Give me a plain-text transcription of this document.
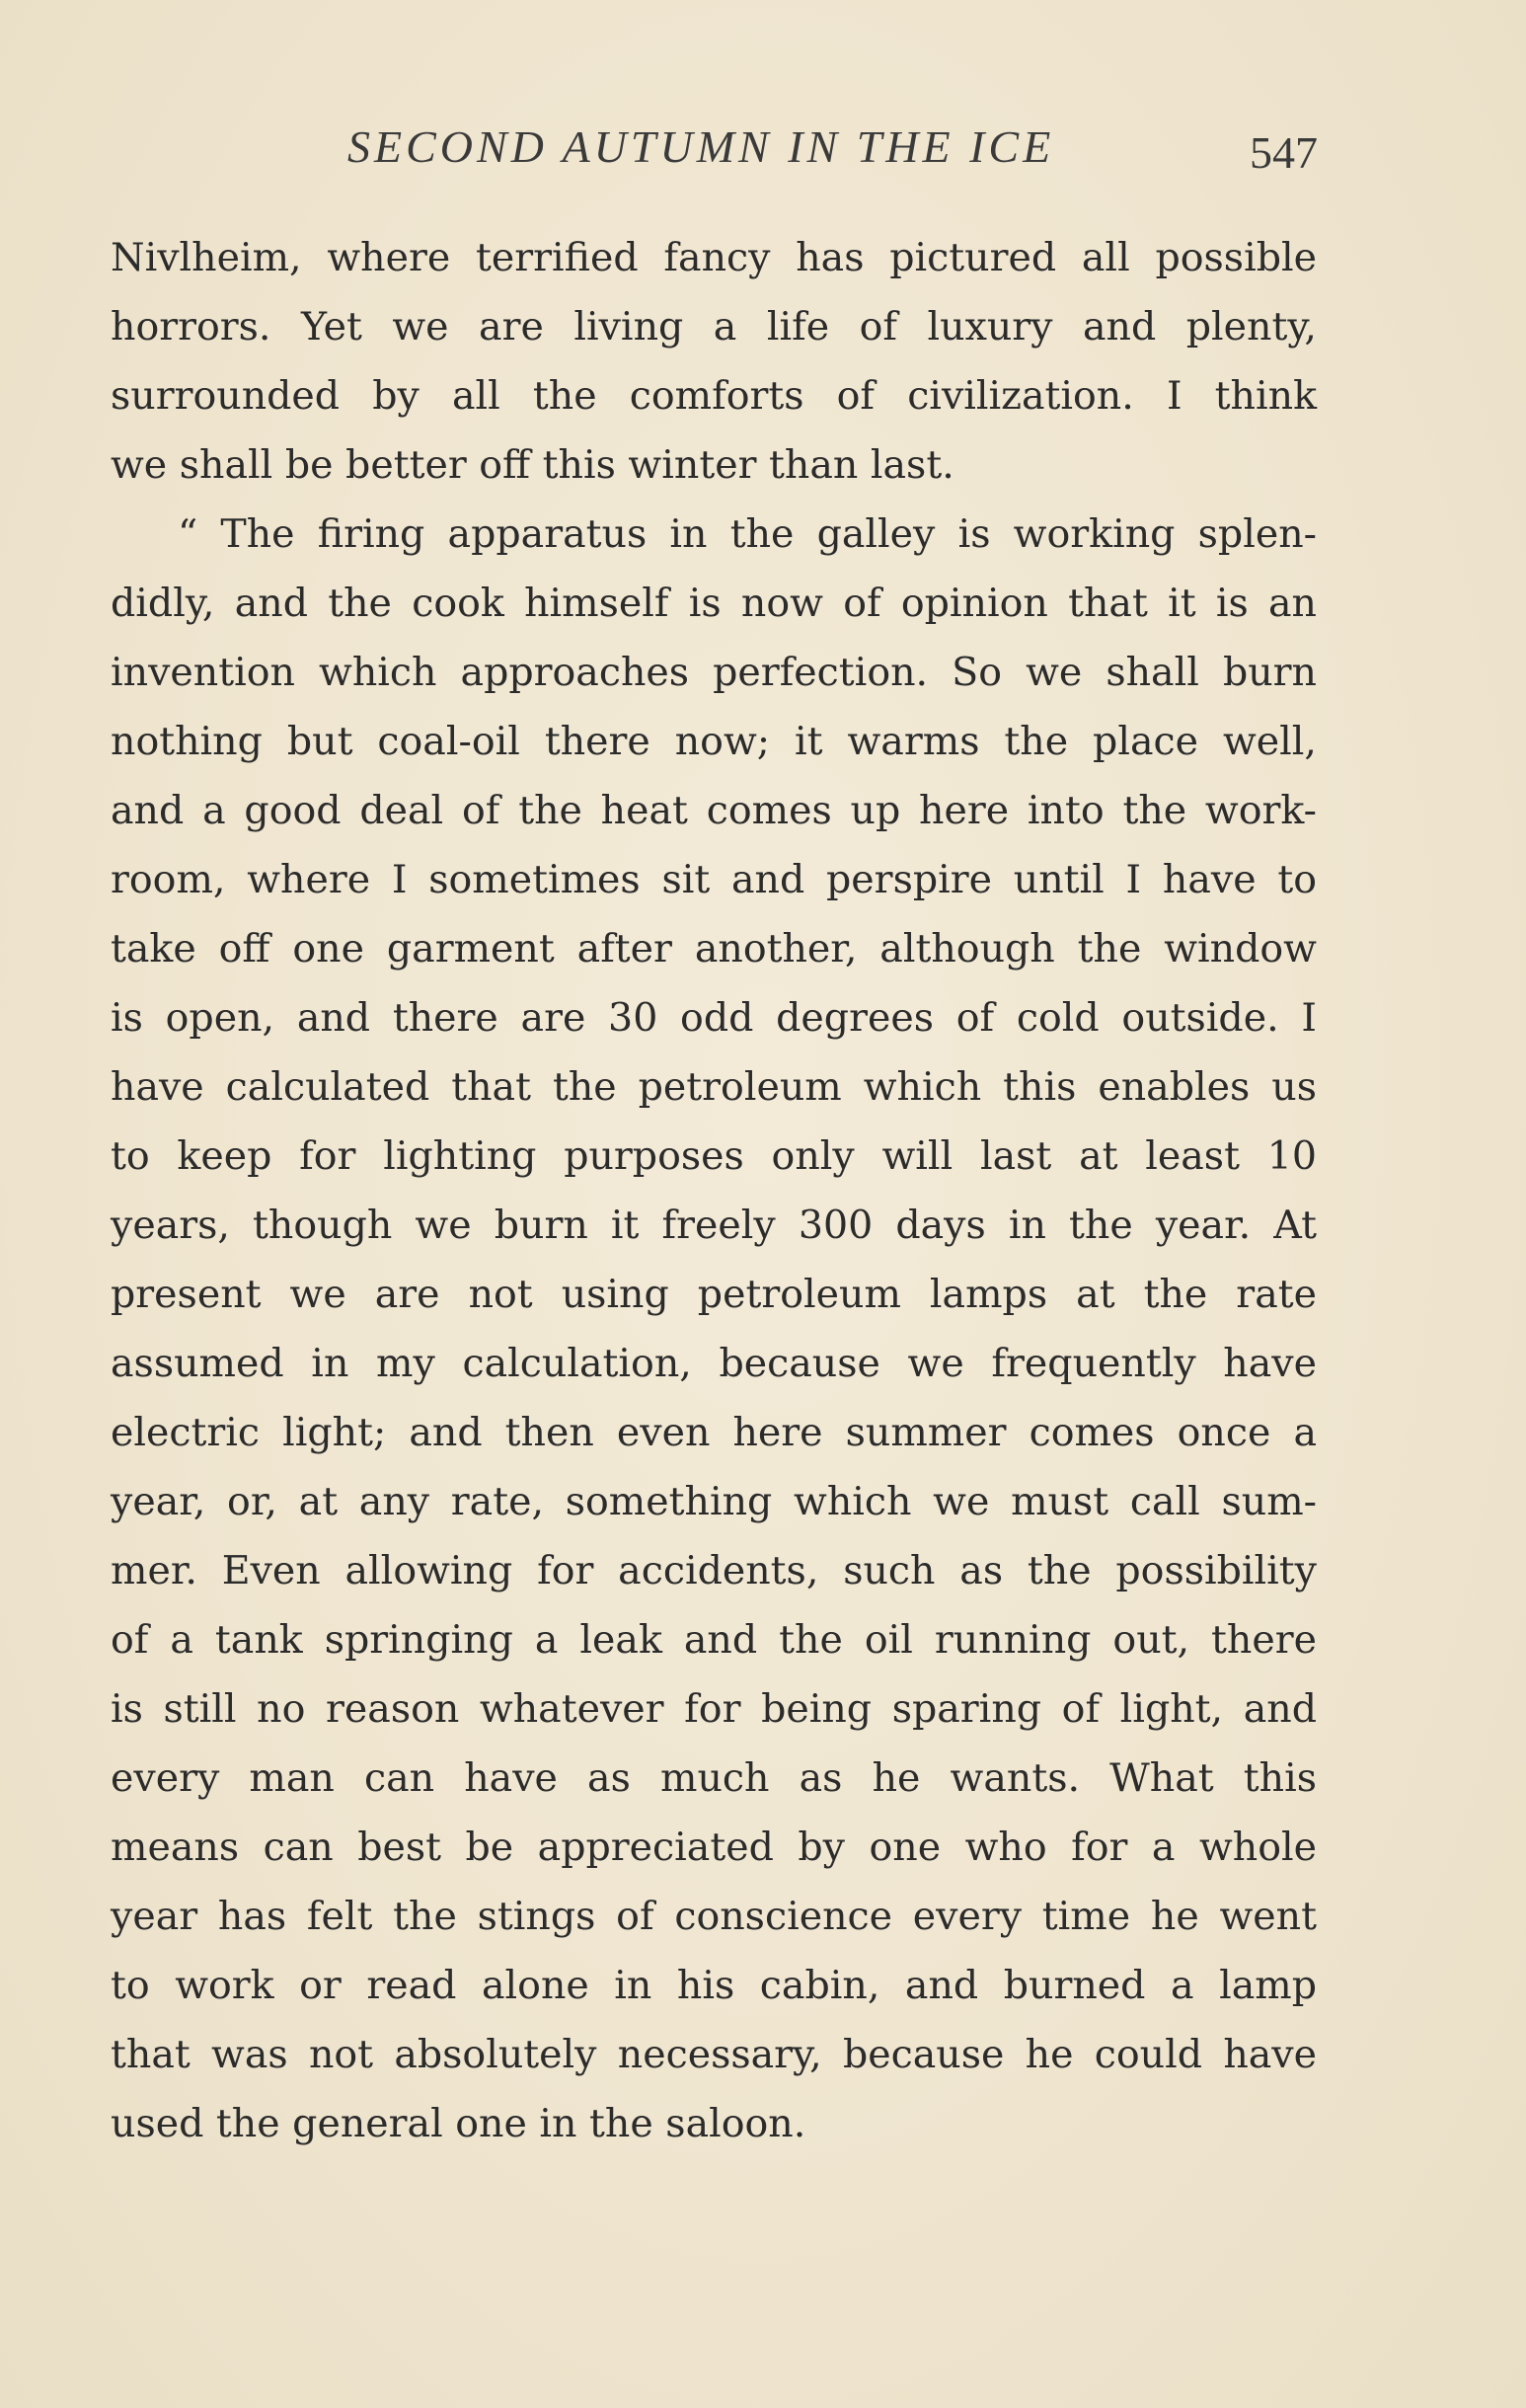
SECOND AUTUMN IN THE ICE	547
Nivlheim, where terrified fancy has pictured all possible
horrors. Yet we are living a life of luxury and plenty,
surrounded by all the comforts of civilization. I think
we shall be better off this winter than last.
“ The firing apparatus in the galley is working splen-
didly, and the cook himself is now of opinion that it is an
invention which approaches perfection. So we shall burn
nothing but coal-oil there now; it warms the place well,
and a good deal of the heat comes up here into the work-
room, where I sometimes sit and perspire until I have to
take off one garment after another, although the window
is open, and there are 30 odd degrees of cold outside. I
have calculated that the petroleum which this enables us
to keep for lighting purposes only will last at least 10
years, though we burn it freely 300 days in the year. At
present we are not using petroleum lamps at the rate
assumed in my calculation, because we frequently have
electric light; and then even here summer comes once a
year, or, at any rate, something which we must call sum-
mer. Even allowing for accidents, such as the possibility
of a tank springing a leak and the oil running out, there
is still no reason whatever for being sparing of light, and
every man can have as much as he wants. What this
means can best be appreciated by one who for a whole
year has felt the stings of conscience every time he went
to work or read alone in his cabin, and burned a lamp
that was not absolutely necessary, because he could have
used the general one in the saloon.
